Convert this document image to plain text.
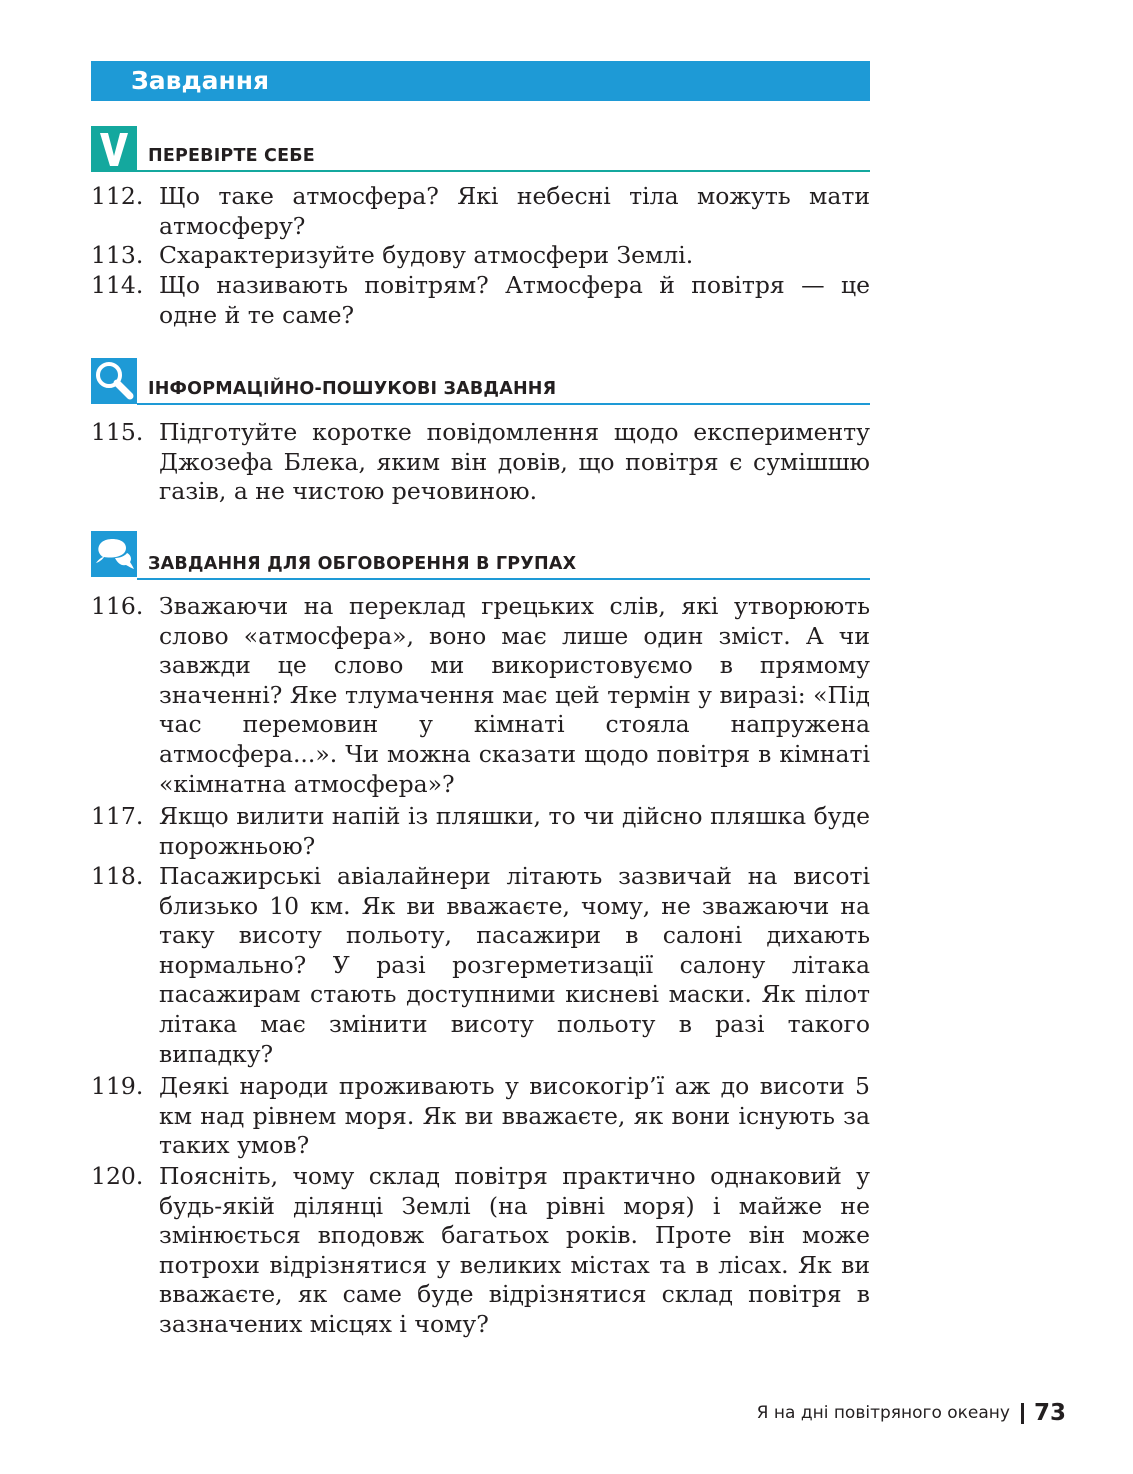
Завдання
ПЕРЕВІРТЕ СЕБЕ
112. Що таке атмосфера? Які небесні тіла можуть мати атмосферу?
113. Схарактеризуйте будову атмосфери Землі.
114. Що називають повітрям? Атмосфера й повітря — це одне й те саме?
ІНФОРМАЦІЙНО-ПОШУКОВІ ЗАВДАННЯ
115. Підготуйте коротке повідомлення щодо експерименту Джозефа Блека, яким він довів, що повітря є сумішшю газів, а не чистою речовиною.
ЗАВДАННЯ ДЛЯ ОБГОВОРЕННЯ В ГРУПАХ
116. Зважаючи на переклад грецьких слів, які утворюють слово «атмосфера», воно має лише один зміст. А чи завжди це слово ми використовуємо в прямому значенні? Яке тлумачення має цей термін у виразі: «Під час перемовин у кімнаті стояла напружена атмосфера...». Чи можна сказати щодо повітря в кімнаті «кімнатна атмосфера»?
117. Якщо вилити напій із пляшки, то чи дійсно пляшка буде порожньою?
118. Пасажирські авіалайнери літають зазвичай на висоті близько 10 км. Як ви вважаєте, чому, не зважаючи на таку висоту польоту, пасажири в салоні дихають нормально? У разі розгерметизації салону літака пасажирам стають доступними кисневі маски. Як пілот літака має змінити висоту польоту в разі такого випадку?
119. Деякі народи проживають у високогір’ї аж до висоти 5 км над рівнем моря. Як ви вважаєте, як вони існують за таких умов?
120. Поясніть, чому склад повітря практично однаковий у будь-якій ділянці Землі (на рівні моря) і майже не змінюється вподовж багатьох років. Проте він може потрохи відрізнятися у великих містах та в лісах. Як ви вважаєте, як саме буде відрізнятися склад повітря в зазначених місцях і чому?
Я на дні повітряного океану 73
